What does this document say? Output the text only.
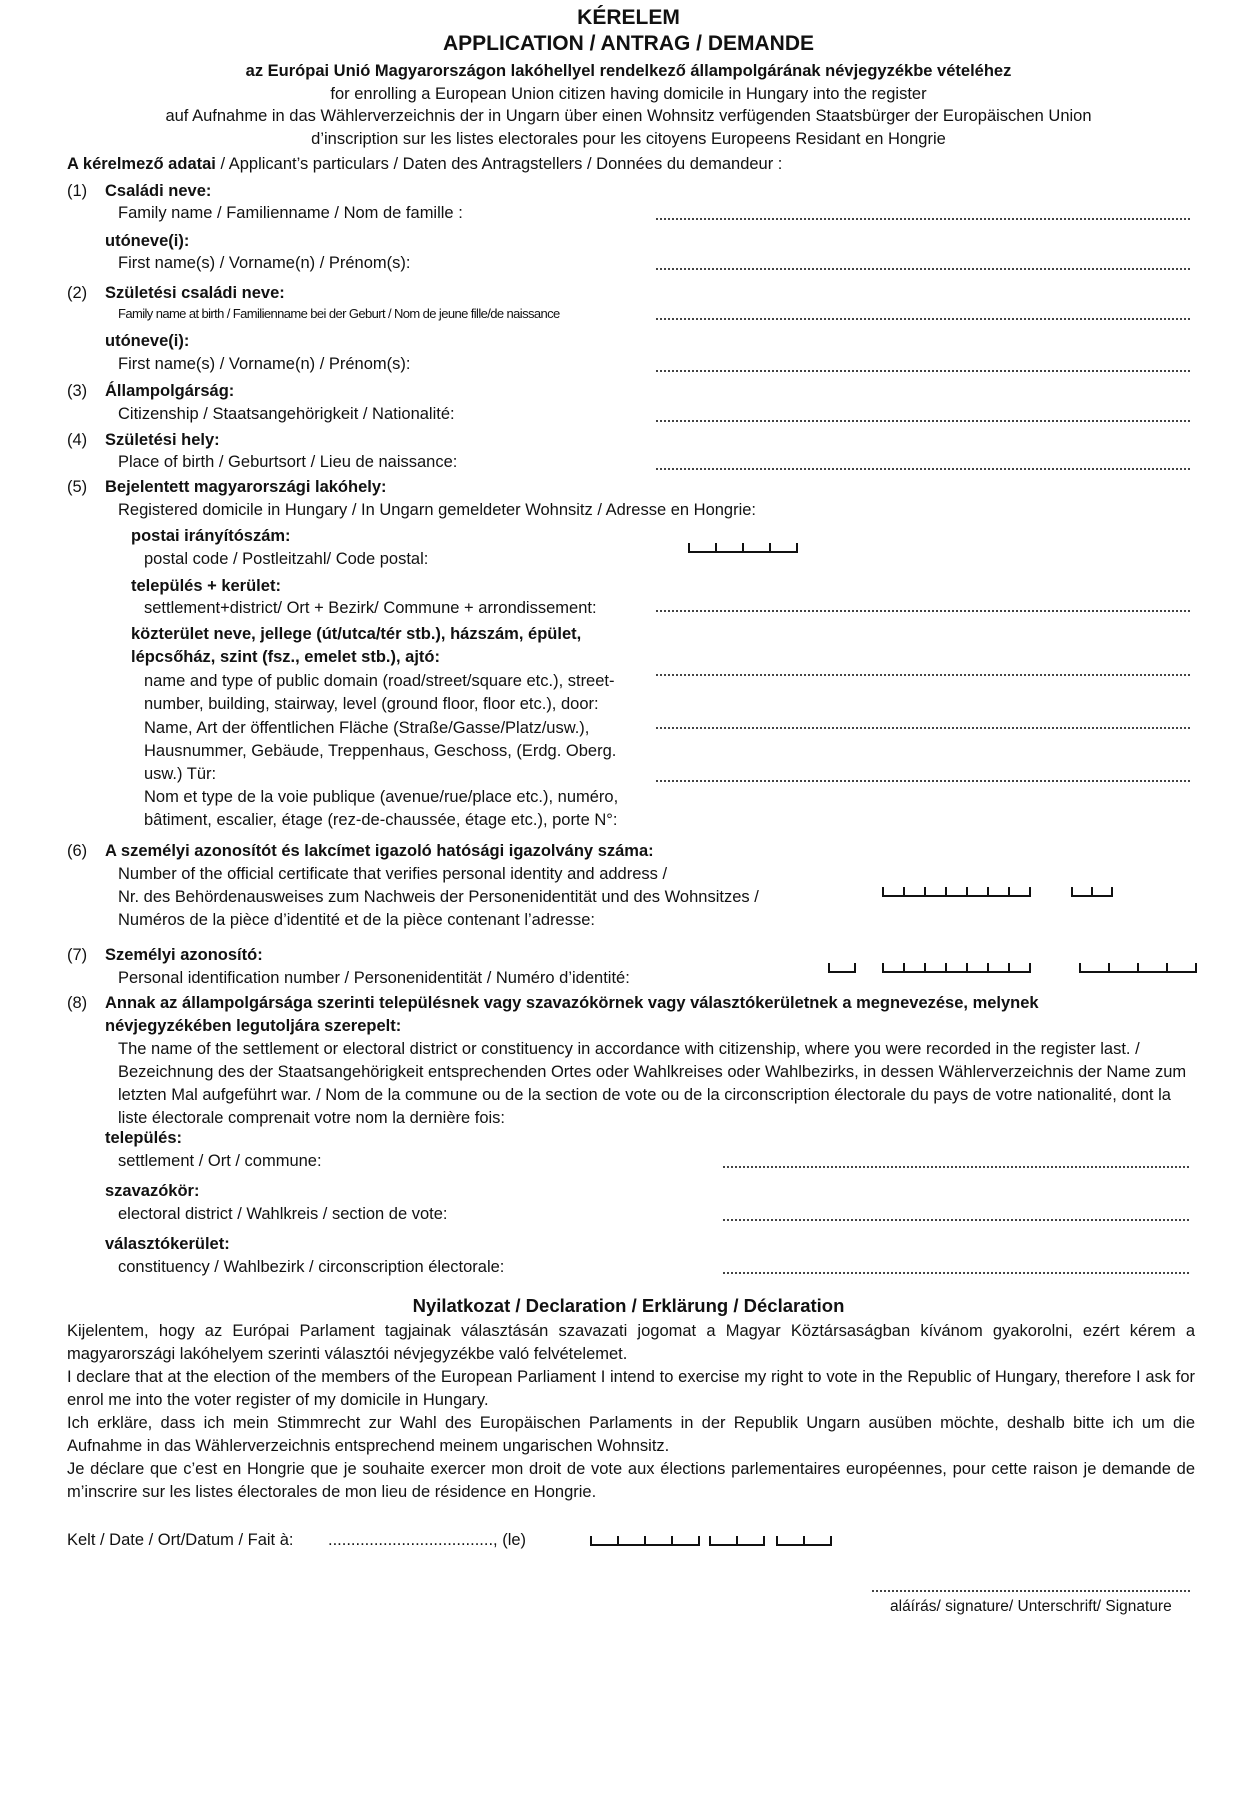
KÉRELEM
APPLICATION / ANTRAG / DEMANDE
az Európai Unió Magyarországon lakóhellyel rendelkező állampolgárának névjegyzékbe vételéhez
for enrolling a European Union citizen having domicile in Hungary into the register
auf Aufnahme in das Wählerverzeichnis der in Ungarn über einen Wohnsitz verfügenden Staatsbürger der Europäischen Union
d’inscription sur les listes electorales pour les citoyens Europeens Residant en Hongrie
A kérelmező adatai / Applicant’s particulars / Daten des Antragstellers / Données du demandeur :
(1) Családi neve:
Family name / Familienname / Nom de famille :
utóneve(i):
First name(s) / Vorname(n) / Prénom(s):
(2) Születési családi neve:
Family name at birth / Familienname bei der Geburt / Nom de jeune fille/de naissance
utóneve(i):
First name(s) / Vorname(n) / Prénom(s):
(3) Állampolgárság:
Citizenship / Staatsangehörigkeit / Nationalité:
(4) Születési hely:
Place of birth / Geburtsort / Lieu de naissance:
(5) Bejelentett magyarországi lakóhely:
Registered domicile in Hungary / In Ungarn gemeldeter Wohnsitz / Adresse en Hongrie:
postai irányítószám:
postal code / Postleitzahl/ Code postal:
település + kerület:
settlement+district/ Ort + Bezirk/ Commune + arrondissement:
közterület neve, jellege (út/utca/tér stb.), házszám, épület,
lépcsőház, szint (fsz., emelet stb.), ajtó:
name and type of public domain (road/street/square etc.), street-
number, building, stairway, level (ground floor, floor etc.), door:
Name, Art der öffentlichen Fläche (Straße/Gasse/Platz/usw.),
Hausnummer, Gebäude, Treppenhaus, Geschoss, (Erdg. Oberg.
usw.) Tür:
Nom et type de la voie publique (avenue/rue/place etc.), numéro,
bâtiment, escalier, étage (rez-de-chaussée, étage etc.), porte N°:
(6) A személyi azonosítót és lakcímet igazoló hatósági igazolvány száma:
Number of the official certificate that verifies personal identity and address /
Nr. des Behördenausweises zum Nachweis der Personenidentität und des Wohnsitzes /
Numéros de la pièce d’identité et de la pièce contenant l’adresse:
(7) Személyi azonosító:
Personal identification number / Personenidentität / Numéro d’identité:
(8) Annak az állampolgársága szerinti településnek vagy szavazókörnek vagy választókerületnek a megnevezése, melynek
névjegyzékében legutoljára szerepelt:
The name of the settlement or electoral district or constituency in accordance with citizenship, where you were recorded in the register last. / Bezeichnung des der Staatsangehörigkeit entsprechenden Ortes oder Wahlkreises oder Wahlbezirks, in dessen Wählerverzeichnis der Name zum letzten Mal aufgeführt war. / Nom de la commune ou de la section de vote ou de la circonscription électorale du pays de votre nationalité, dont la liste électorale comprenait votre nom la dernière fois:
település:
settlement / Ort / commune:
szavazókör:
electoral district / Wahlkreis / section de vote:
választókerület:
constituency / Wahlbezirk / circonscription électorale:
Nyilatkozat / Declaration / Erklärung / Déclaration
Kijelentem, hogy az Európai Parlament tagjainak választásán szavazati jogomat a Magyar Köztársaságban kívánom gyakorolni, ezért kérem a magyarországi lakóhelyem szerinti választói névjegyzékbe való felvételemet.
I declare that at the election of the members of the European Parliament I intend to exercise my right to vote in the Republic of Hungary, therefore I ask for enrol me into the voter register of my domicile in Hungary.
Ich erkläre, dass ich mein Stimmrecht zur Wahl des Europäischen Parlaments in der Republik Ungarn ausüben möchte, deshalb bitte ich um die Aufnahme in das Wählerverzeichnis entsprechend meinem ungarischen Wohnsitz.
Je déclare que c’est en Hongrie que je souhaite exercer mon droit de vote aux élections parlementaires européennes, pour cette raison je demande de m’inscrire sur les listes électorales de mon lieu de résidence en Hongrie.
Kelt / Date / Ort/Datum / Fait à: ...................................., (le)
aláírás/ signature/ Unterschrift/ Signature
